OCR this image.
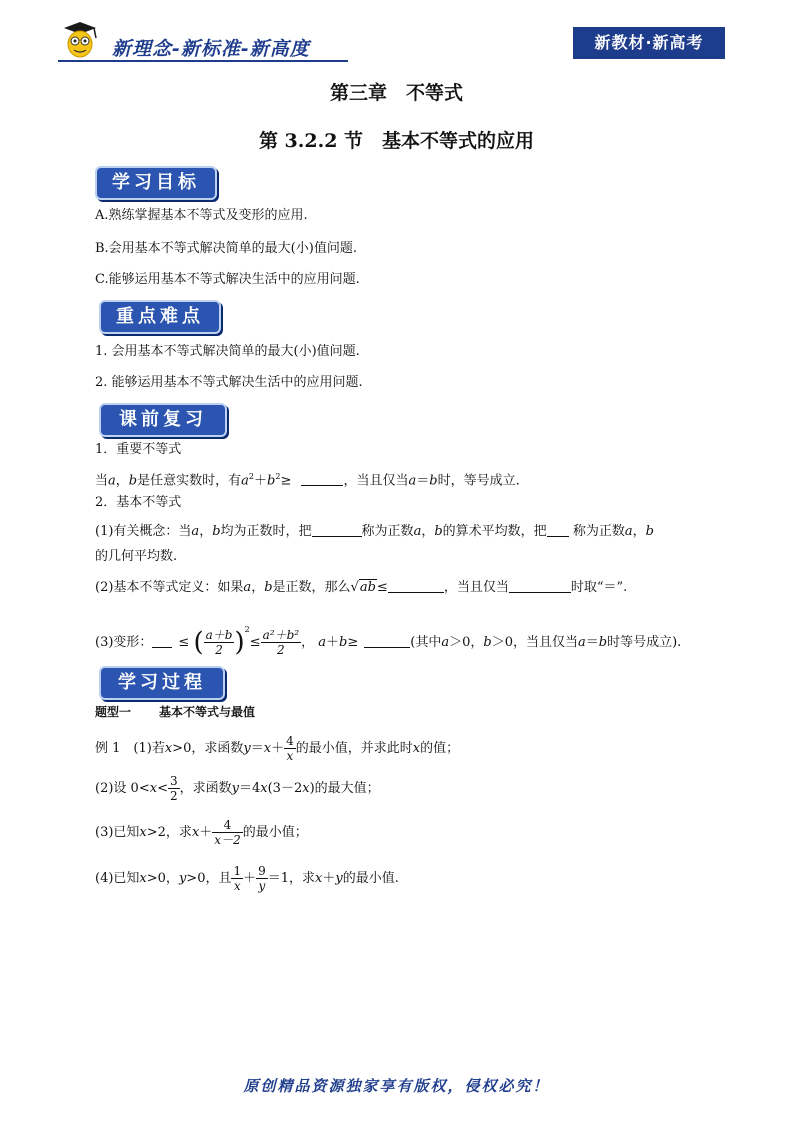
新理念-新标准-新高度	新教材·新高考
第三章　不等式
第 3.2.2 节　基本不等式的应用
学习目标
A.熟练掌握基本不等式及变形的应用.
B.会用基本不等式解决简单的最大(小)值问题.
C.能够运用基本不等式解决生活中的应用问题.
重点难点
1. 会用基本不等式解决简单的最大(小)值问题.
2. 能够运用基本不等式解决生活中的应用问题.
课前复习
1．重要不等式
当a，b是任意实数时，有$a^2+b^2\ge$	，当且仅当a＝b时，等号成立.
2．基本不等式
(1)有关概念：当a，b均为正数时，把	称为正数a，b的算术平均数，把 称为正数a，b
的几何平均数.
(2)基本不等式定义：如果a，b是正数，那么√ab≤	，当且仅当	时取“＝”.
(3)变形： ≤ ( $\frac{a+b}{2} )^2\le \frac{\text{a²＋b²}}{2}$ ， a＋b≥	(其中a＞0，b＞0，当且仅当a＝b时等号成立).
学习过程
题型一 基本不等式与最值
例 1　(1)若x>0，求函数$y=x+ \frac{4}{x}$ 的最小值，并求此时x的值；
(2)设 $0<x< \frac{3}{2}$ ，求函数y＝4x(3－2x)的最大值；
(3)已知x>2，求$x+ \frac{4}{x-2}$ 的最小值；
(4)已知x>0，y>0，且 $\frac{1}{x} + \frac{9}{y} =1$，求x＋y的最小值.
原创精品资源独家享有版权，侵权必究！
